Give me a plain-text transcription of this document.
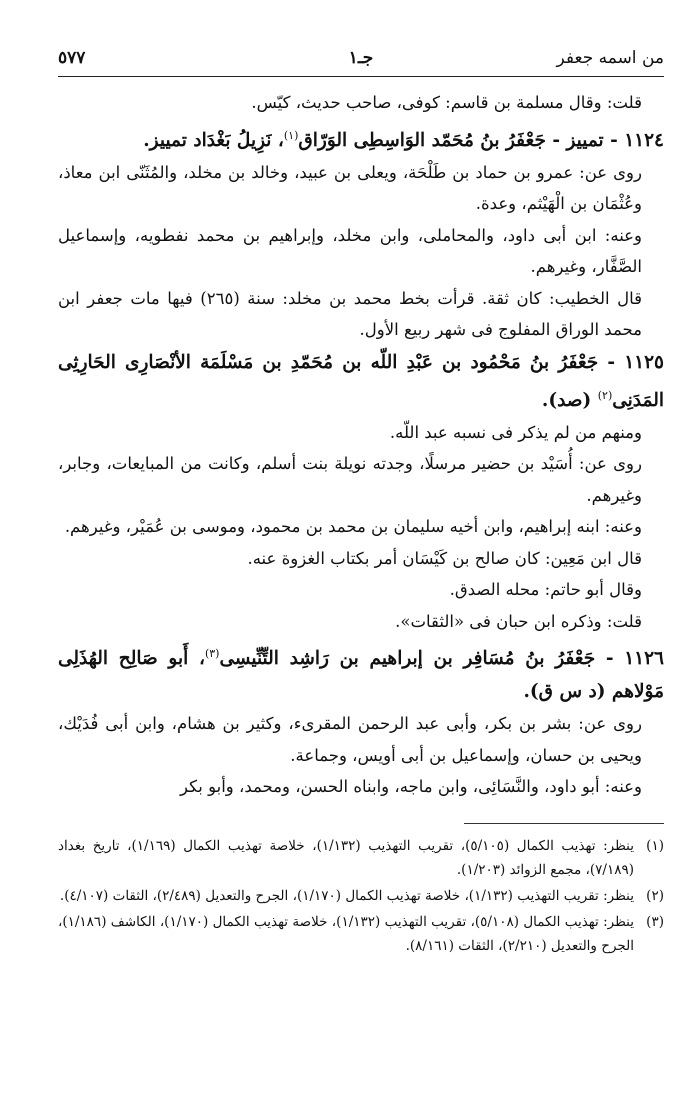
من اسمه جعفر
جـ١
٥٧٧

قلت: وقال مسلمة بن قاسم: كوفى، صاحب حديث، كيّس.

١١٢٤ - تمييز - جَعْفَرُ بنُ مُحَمّد الوَاسِطِى الوَرّاق$^{(١)}$، نَزِيلُ بَغْدَاد تمييز.

روى عن: عمرو بن حماد بن طَلْحَة، ويعلى بن عبيد، وخالد بن مخلد، والمُثَنّى ابن معاذ، وعُثْمَان بن الْهَيْثم، وعدة.

وعنه: ابن أبى داود، والمحاملى، وابن مخلد، وإبراهيم بن محمد نفطويه، وإسماعيل الصَّفَّار، وغيرهم.

قال الخطيب: كان ثقة. قرأت بخط محمد بن مخلد: سنة (٢٦٥) فيها مات جعفر ابن محمد الوراق المفلوج فى شهر ربيع الأول.

١١٢٥ - جَعْفَرُ بنُ مَحْمُود بن عَبْدِ اللّه بن مُحَمّدِ بن مَسْلَمَة الأنْصَارِى الحَارِثِى المَدَنِى$^{(٢)}$ (صد).

ومنهم من لم يذكر فى نسبه عبد اللّه.

روى عن: أُسَيْد بن حضير مرسلًا، وجدته نويلة بنت أسلم، وكانت من المبايعات، وجابر، وغيرهم.

وعنه: ابنه إبراهيم، وابن أخيه سليمان بن محمد بن محمود، وموسى بن عُمَيْر، وغيرهم.

قال ابن مَعِين: كان صالح بن كَيْسَان أمر بكتاب الغزوة عنه.

وقال أبو حاتم: محله الصدق.

قلت: وذكره ابن حبان فى «الثقات».

١١٢٦ - جَعْفَرُ بنُ مُسَافِر بن إبراهيم بن رَاشِد التِّنِّيسِى$^{(٣)}$، أَبو صَالِح الهُذَلِى مَوْلاهم (د س ق).

روى عن: بشر بن بكر، وأبى عبد الرحمن المقرىء، وكثير بن هشام، وابن أبى فُدَيْك، ويحيى بن حسان، وإسماعيل بن أبى أويس، وجماعة.

وعنه: أبو داود، والنَّسَائِى، وابن ماجه، وابناه الحسن، ومحمد، وأبو بكر

(١)
ينظر: تهذيب الكمال (٥/١٠٥)، تقريب التهذيب (١/١٣٢)، خلاصة تهذيب الكمال (١/١٦٩)، تاريخ بغداد (٧/١٨٩)، مجمع الزوائد (١/٢٠٣).
(٢)
ينظر: تقريب التهذيب (١/١٣٢)، خلاصة تهذيب الكمال (١/١٧٠)، الجرح والتعديل (٢/٤٨٩)، الثقات (٤/١٠٧).
(٣)
ينظر: تهذيب الكمال (٥/١٠٨)، تقريب التهذيب (١/١٣٢)، خلاصة تهذيب الكمال (١/١٧٠)، الكاشف (١/١٨٦)، الجرح والتعديل (٢/٢١٠)، الثقات (٨/١٦١).
